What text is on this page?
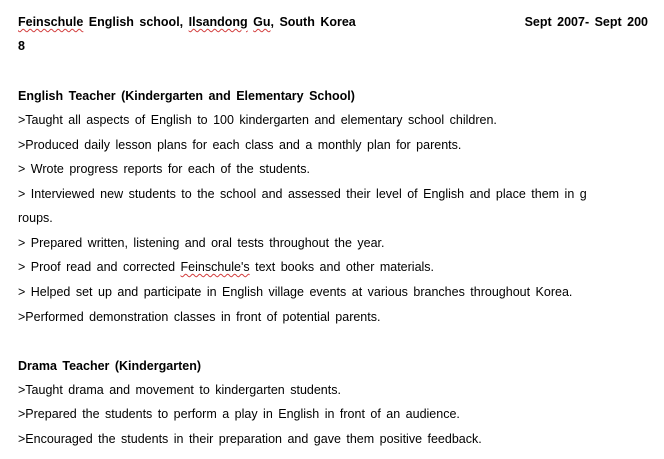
Feinschule English school, Ilsandong Gu, South Korea	Sept 2007- Sept 200
8
English Teacher (Kindergarten and Elementary School)
>Taught all aspects of English to 100 kindergarten and elementary school children.
>Produced daily lesson plans for each class and a monthly plan for parents.
> Wrote progress reports for each of the students.
> Interviewed new students to the school and assessed their level of English and place them in g
roups.
> Prepared written, listening and oral tests throughout the year.
> Proof read and corrected Feinschule's text books and other materials.
> Helped set up and participate in English village events at various branches throughout Korea.
>Performed demonstration classes in front of potential parents.
Drama Teacher (Kindergarten)
>Taught drama and movement to kindergarten students.
>Prepared the students to perform a play in English in front of an audience.
>Encouraged the students in their preparation and gave them positive feedback.
